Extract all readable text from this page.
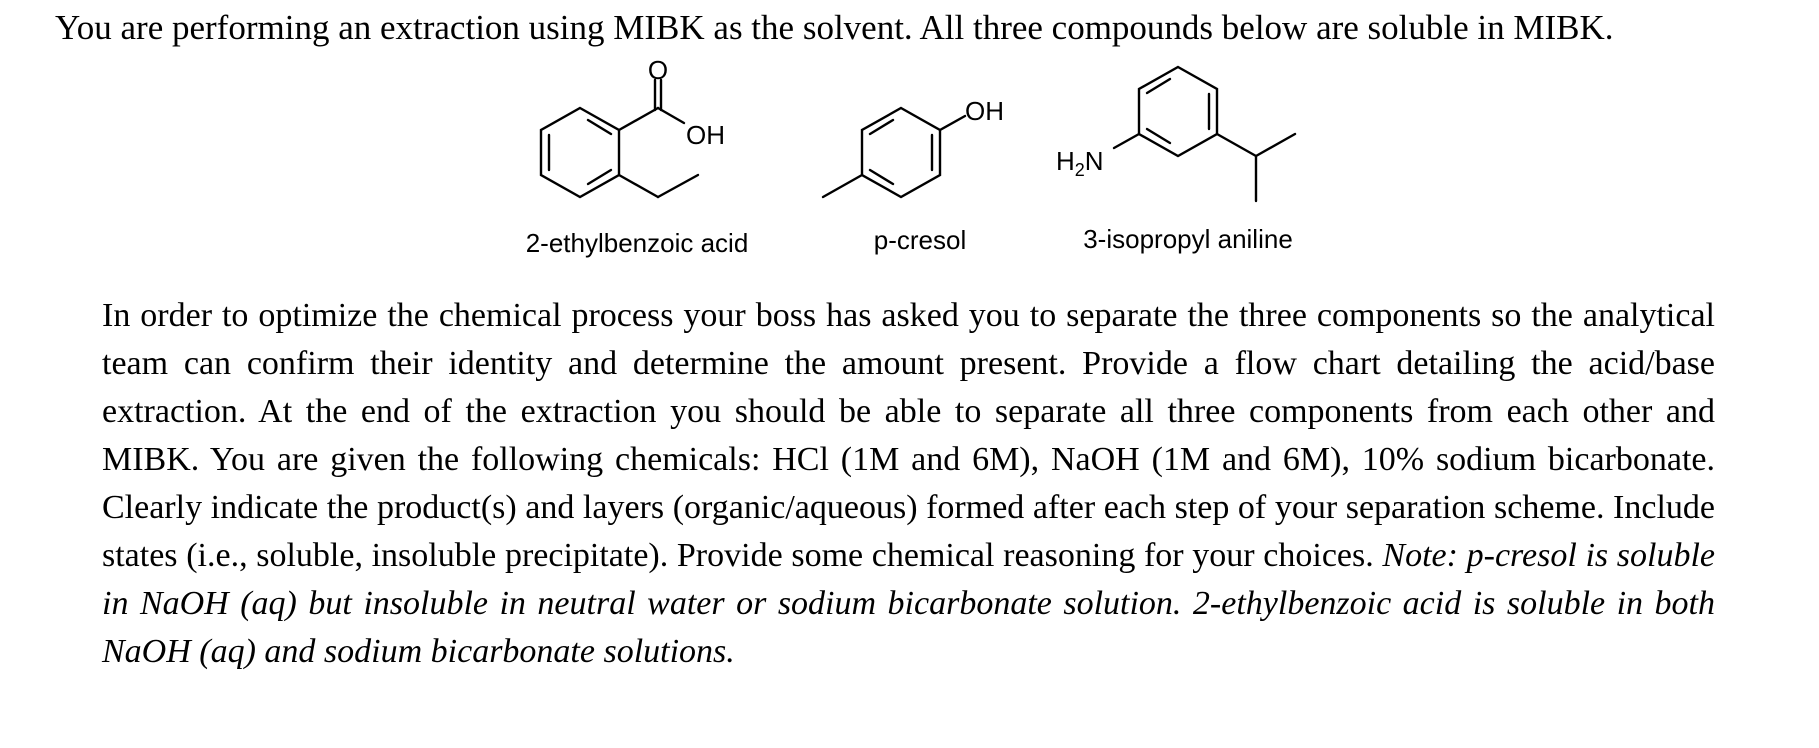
You are performing an extraction using MIBK as the solvent. All three compounds below are soluble in MIBK.

O
OH
OH
H2N
2-ethylbenzoic acid	p-cresol	3-isopropyl aniline

In order to optimize the chemical process your boss has asked you to separate the three components so the analytical team can confirm their identity and determine the amount present. Provide a flow chart detailing the acid/base extraction. At the end of the extraction you should be able to separate all three components from each other and MIBK. You are given the following chemicals: HCl (1M and 6M), NaOH (1M and 6M), 10% sodium bicarbonate. Clearly indicate the product(s) and layers (organic/aqueous) formed after each step of your separation scheme. Include states (i.e., soluble, insoluble precipitate). Provide some chemical reasoning for your choices. Note: p-cresol is soluble in NaOH (aq) but insoluble in neutral water or sodium bicarbonate solution. 2-ethylbenzoic acid is soluble in both NaOH (aq) and sodium bicarbonate solutions.
